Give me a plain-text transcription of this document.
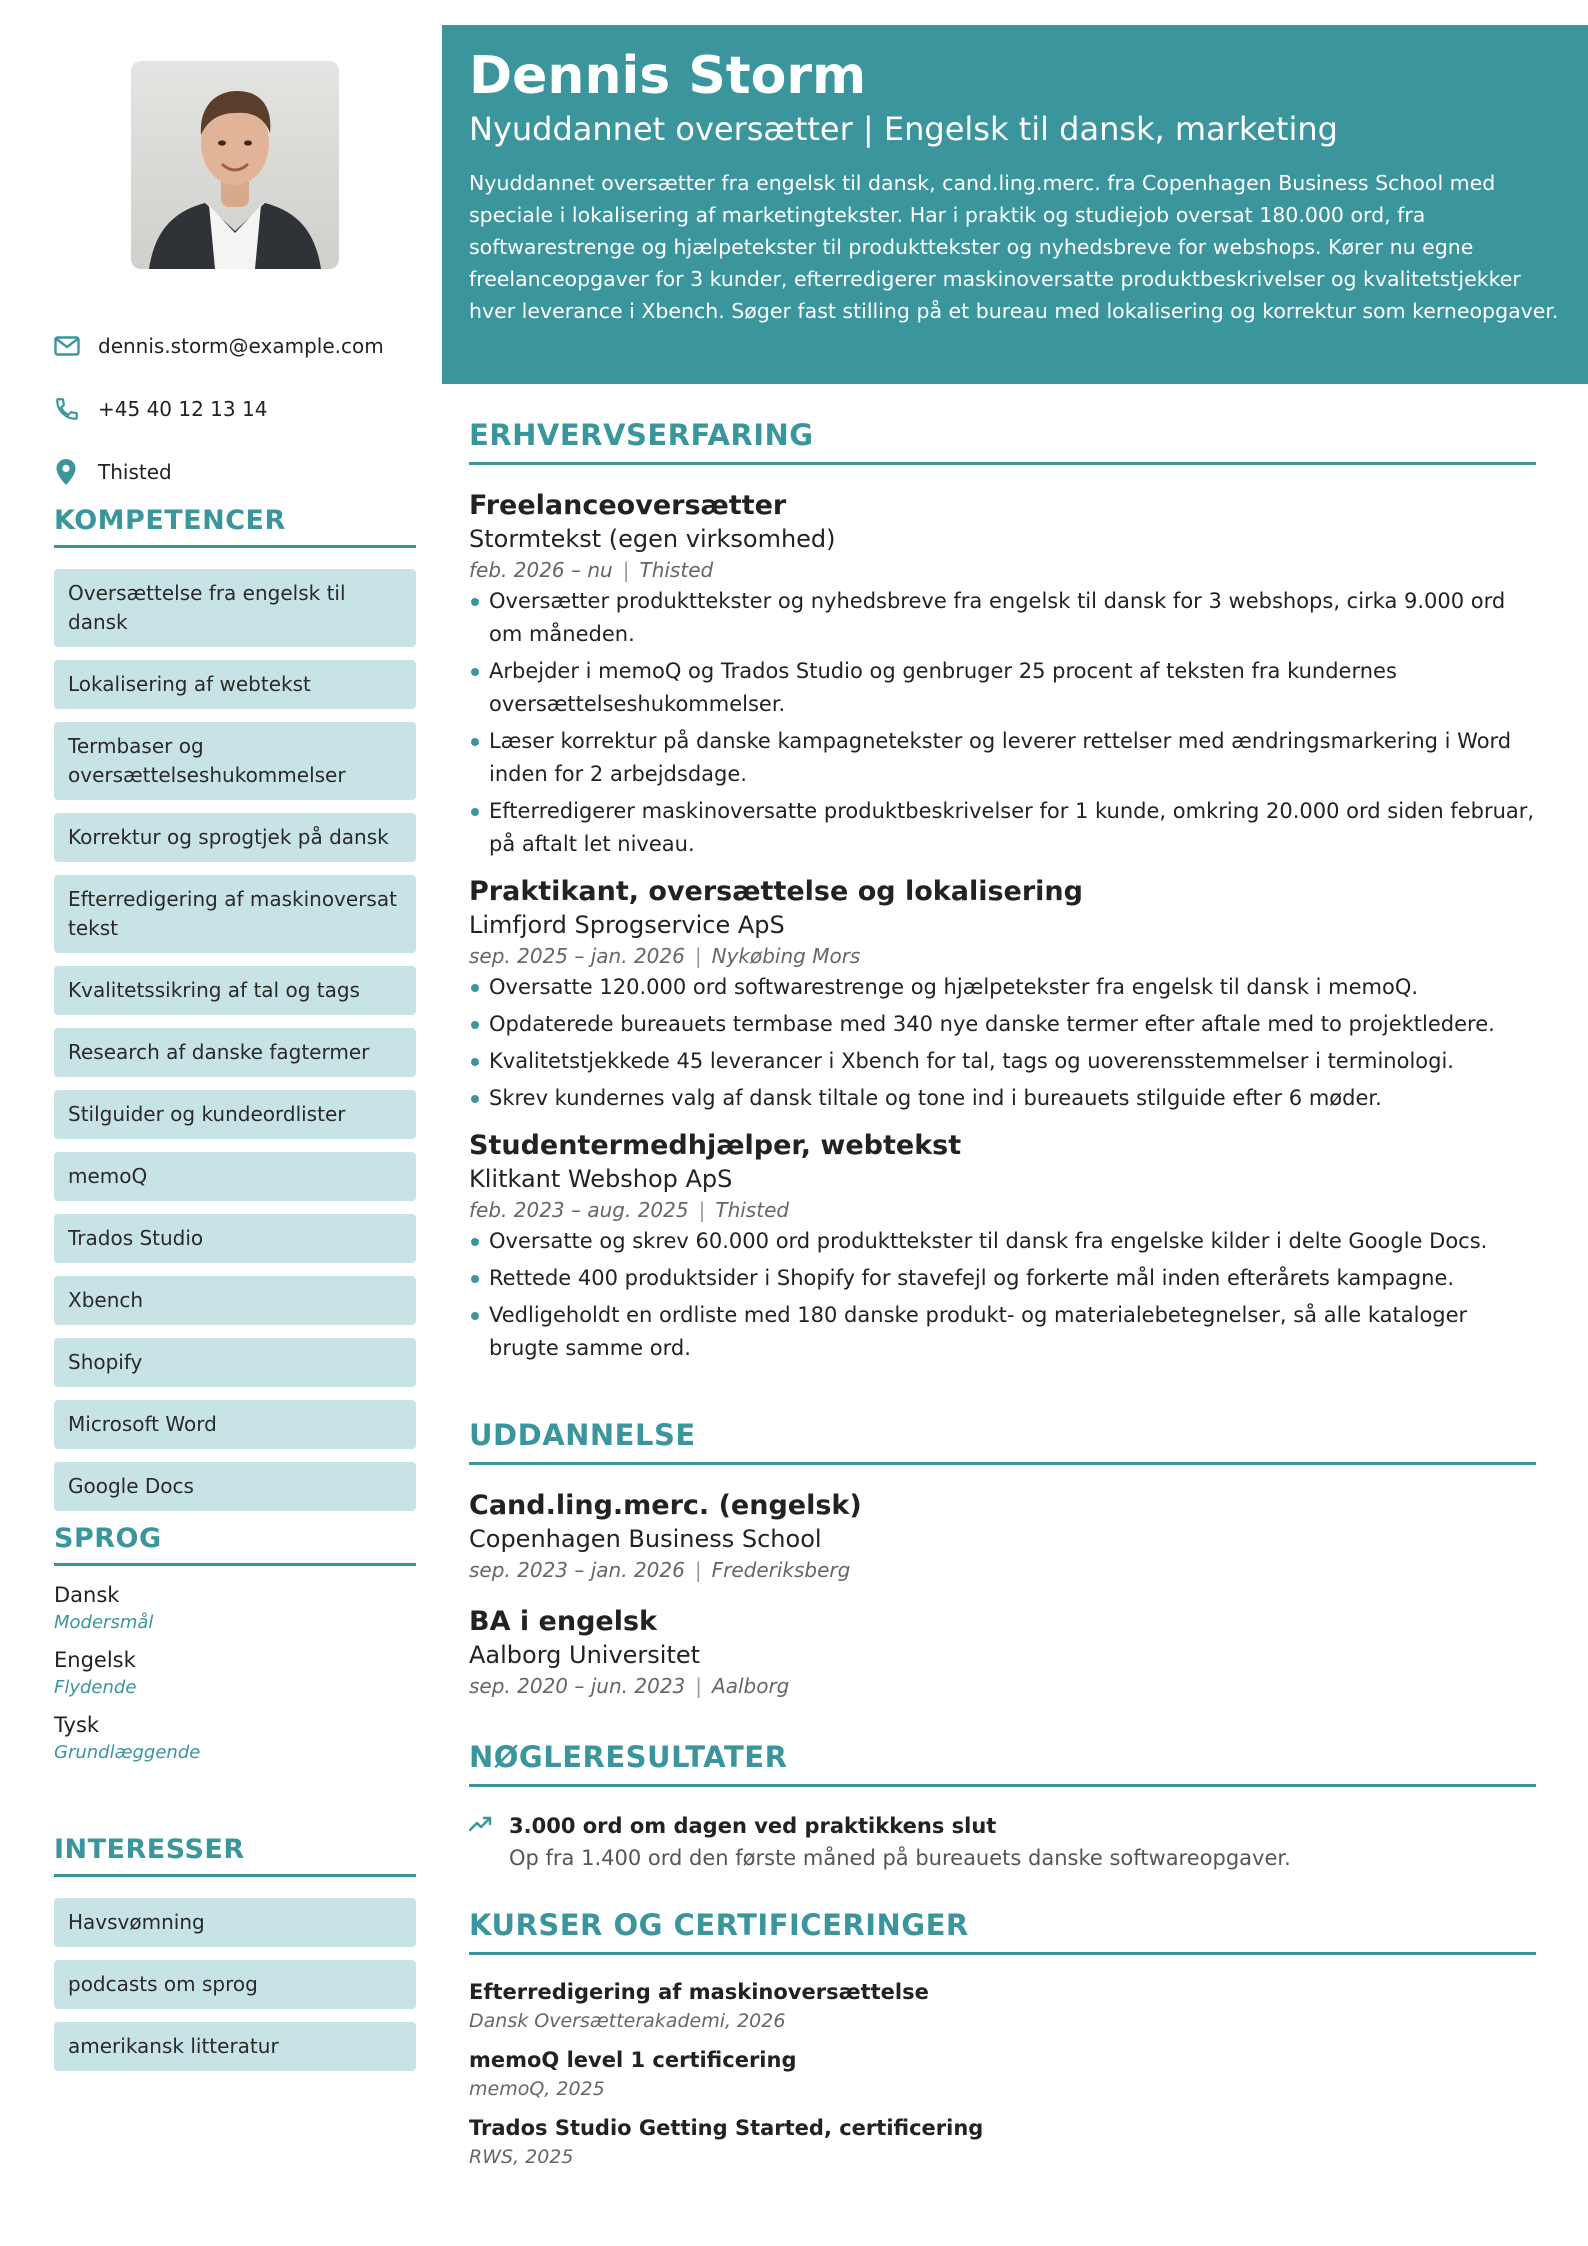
dennis.storm@example.com
+45 40 12 13 14
Thisted
KOMPETENCER
Oversættelse fra engelsk til dansk
Lokalisering af webtekst
Termbaser og oversættelseshukommelser
Korrektur og sprogtjek på dansk
Efterredigering af maskinoversat tekst
Kvalitetssikring af tal og tags
Research af danske fagtermer
Stilguider og kundeordlister
memoQ
Trados Studio
Xbench
Shopify
Microsoft Word
Google Docs
SPROG
Dansk
Modersmål
Engelsk
Flydende
Tysk
Grundlæggende
INTERESSER
Havsvømning
podcasts om sprog
amerikansk litteratur
Dennis Storm
Nyuddannet oversætter | Engelsk til dansk, marketing

Nyuddannet oversætter fra engelsk til dansk, cand.ling.merc. fra Copenhagen Business School med speciale i lokalisering af marketingtekster. Har i praktik og studiejob oversat 180.000 ord, fra softwarestrenge og hjælpetekster til produkttekster og nyhedsbreve for webshops. Kører nu egne freelanceopgaver for 3 kunder, efterredigerer maskinoversatte produktbeskrivelser og kvalitetstjekker hver leverance i Xbench. Søger fast stilling på et bureau med lokalisering og korrektur som kerneopgaver.

ERHVERVSERFARING
Freelanceoversætter
Stormtekst (egen virksomhed)
feb. 2026 – nu | Thisted
Oversætter produkttekster og nyhedsbreve fra engelsk til dansk for 3 webshops, cirka 9.000 ord om måneden.
Arbejder i memoQ og Trados Studio og genbruger 25 procent af teksten fra kundernes oversættelseshukommelser.
Læser korrektur på danske kampagnetekster og leverer rettelser med ændringsmarkering i Word inden for 2 arbejdsdage.
Efterredigerer maskinoversatte produktbeskrivelser for 1 kunde, omkring 20.000 ord siden februar, på aftalt let niveau.
Praktikant, oversættelse og lokalisering
Limfjord Sprogservice ApS
sep. 2025 – jan. 2026 | Nykøbing Mors
Oversatte 120.000 ord softwarestrenge og hjælpetekster fra engelsk til dansk i memoQ.
Opdaterede bureauets termbase med 340 nye danske termer efter aftale med to projektledere.
Kvalitetstjekkede 45 leverancer i Xbench for tal, tags og uoverensstemmelser i terminologi.
Skrev kundernes valg af dansk tiltale og tone ind i bureauets stilguide efter 6 møder.
Studentermedhjælper, webtekst
Klitkant Webshop ApS
feb. 2023 – aug. 2025 | Thisted
Oversatte og skrev 60.000 ord produkttekster til dansk fra engelske kilder i delte Google Docs.
Rettede 400 produktsider i Shopify for stavefejl og forkerte mål inden efterårets kampagne.
Vedligeholdt en ordliste med 180 danske produkt- og materialebetegnelser, så alle kataloger brugte samme ord.
UDDANNELSE
Cand.ling.merc. (engelsk)
Copenhagen Business School
sep. 2023 – jan. 2026 | Frederiksberg
BA i engelsk
Aalborg Universitet
sep. 2020 – jun. 2023 | Aalborg
NØGLERESULTATER
3.000 ord om dagen ved praktikkens slut
Op fra 1.400 ord den første måned på bureauets danske softwareopgaver.
KURSER OG CERTIFICERINGER
Efterredigering af maskinoversættelse
Dansk Oversætterakademi, 2026
memoQ level 1 certificering
memoQ, 2025
Trados Studio Getting Started, certificering
RWS, 2025
